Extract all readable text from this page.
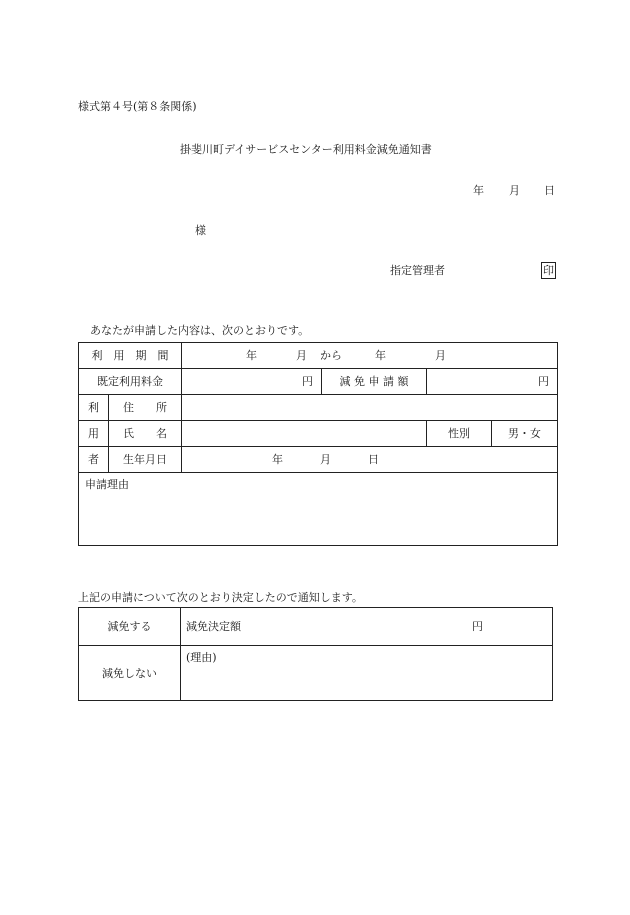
様式第４号(第８条関係)
掛斐川町デイサービスセンター利用料金減免通知書
年 月 日
様
指定管理者	印
あなたが申請した内容は、次のとおりです。
利　用　期　間		年 月 から 年 月			

既定利用料金		円	減 免 申 請 額	円	
利	住　　所				
用	氏　　名			性別	男・女
者	生年月日	年 月 日			

申請理由					
上記の申請について次のとおり決定したので通知します。
減免する	減免決定額 円

減免しない	(理由)
